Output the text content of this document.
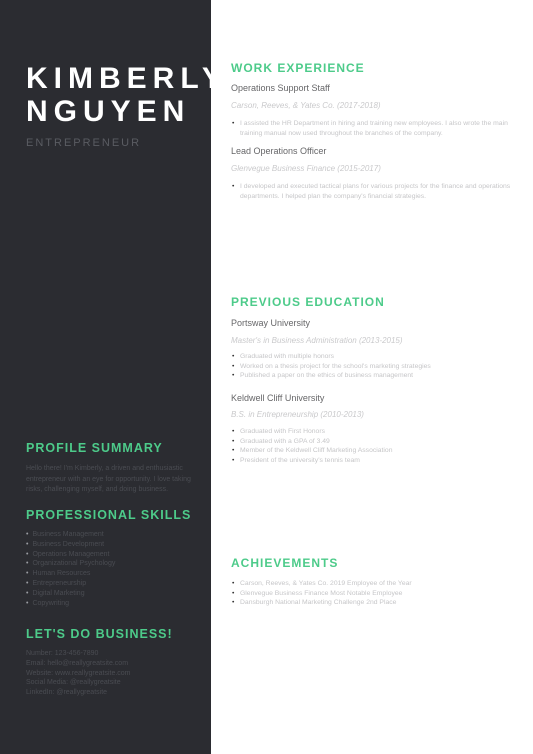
KIMBERLY
NGUYEN
ENTREPRENEUR
PROFILE SUMMARY
Hello there! I'm Kimberly, a driven and enthusiastic entrepreneur with an eye for opportunity. I love taking risks, challenging myself, and doing business.
PROFESSIONAL SKILLS
• Business Management
• Business Development
• Operations Management
• Organizational Psychology
• Human Resources
• Entrepreneurship
• Digital Marketing
• Copywriting
LET'S DO BUSINESS!
Number: 123-456-7890
Email: hello@reallygreatsite.com
Website: www.reallygreatsite.com
Social Media: @reallygreatsite
LinkedIn: @reallygreatsite
WORK EXPERIENCE
Operations Support Staff
Carson, Reeves, & Yates Co. (2017-2018)
• I assisted the HR Department in hiring and training new employees. I also wrote the main training manual now used throughout the branches of the company.
Lead Operations Officer
Glenvegue Business Finance (2015-2017)
• I developed and executed tactical plans for various projects for the finance and operations departments. I helped plan the company's financial strategies.
PREVIOUS EDUCATION
Portsway University
Master's in Business Administration (2013-2015)
• Graduated with multiple honors
• Worked on a thesis project for the school's marketing strategies
• Published a paper on the ethics of business management
Keldwell Cliff University
B.S. in Entrepreneurship (2010-2013)
• Graduated with First Honors
• Graduated with a GPA of 3.49
• Member of the Keldwell Cliff Marketing Association
• President of the university's tennis team
ACHIEVEMENTS
• Carson, Reeves, & Yates Co. 2019 Employee of the Year
• Glenvegue Business Finance Most Notable Employee
• Dansburgh National Marketing Challenge 2nd Place
